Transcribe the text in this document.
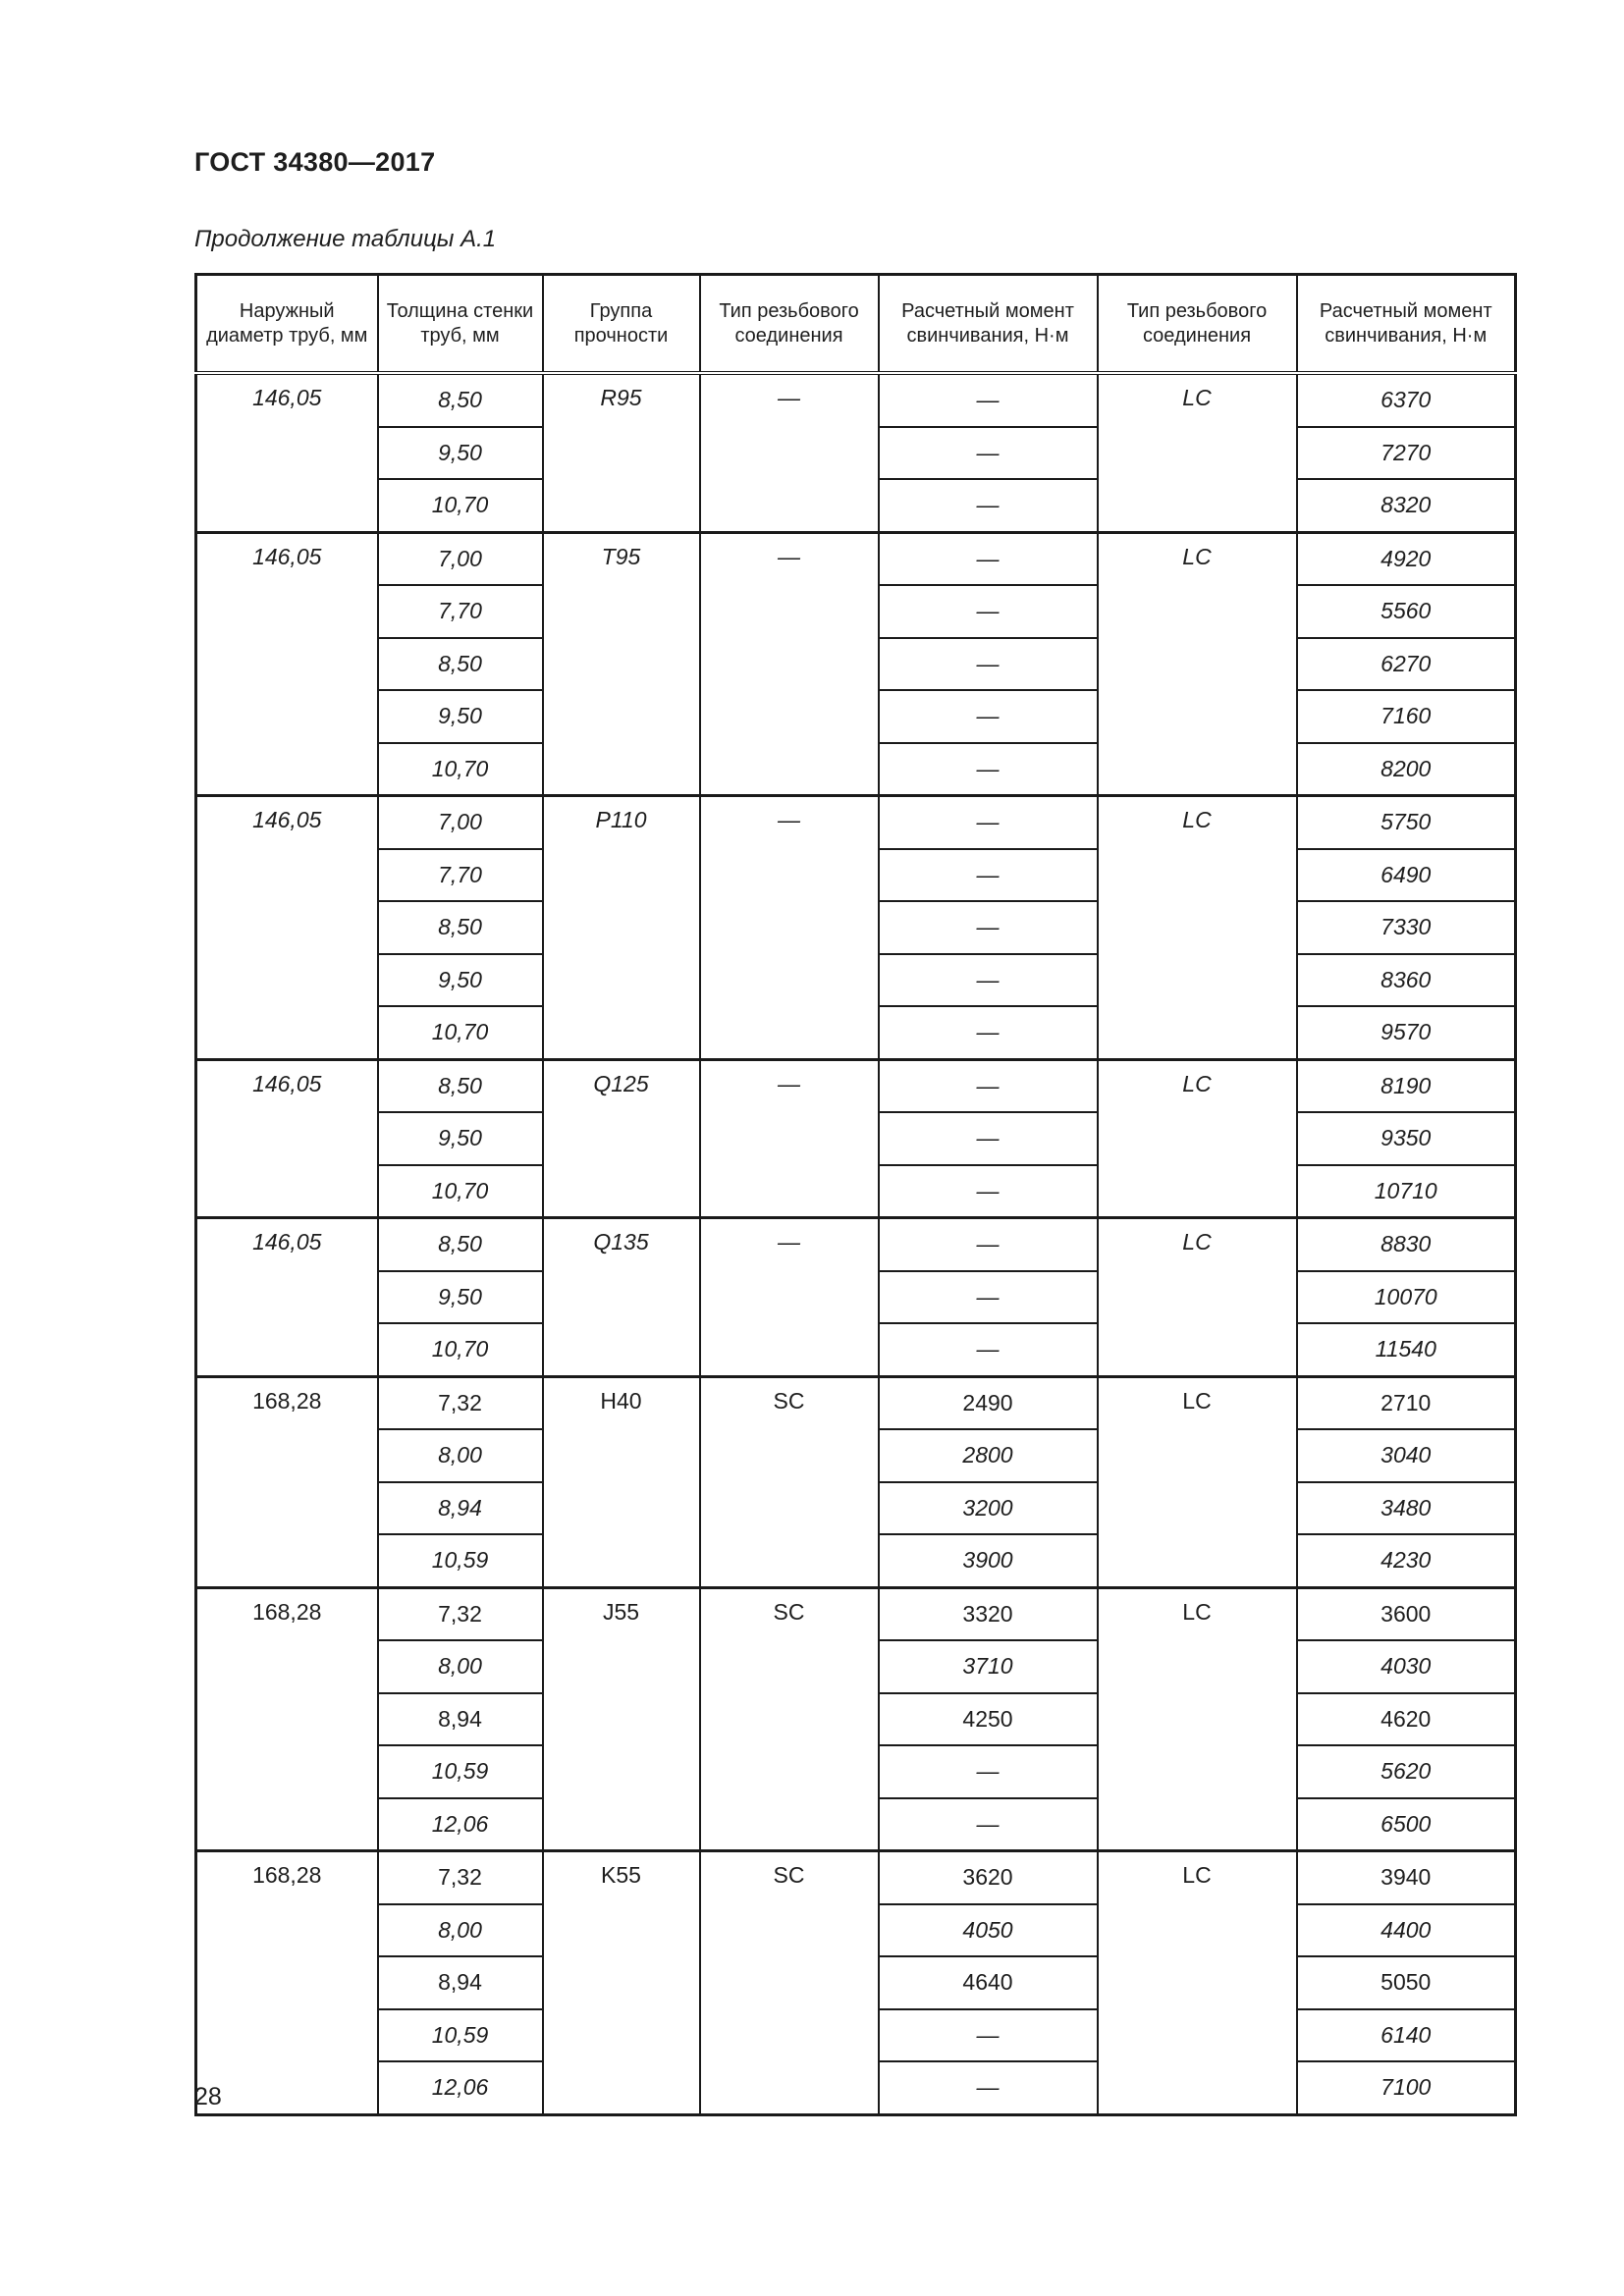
ГОСТ 34380—2017
Продолжение таблицы А.1
Наружный диаметр труб, мм	Толщина стенки труб, мм	Группа прочности	Тип резьбового соединения	Расчетный момент свинчивания, Н·м	Тип резьбового соединения	Расчетный момент свинчивания, Н·м
146,05	8,50	R95	—	—	LC	6370
	9,50			—		7270
	10,70			—		8320
146,05	7,00	T95	—	—	LC	4920
	7,70			—		5560
	8,50			—		6270
	9,50			—		7160
	10,70			—		8200
146,05	7,00	P110	—	—	LC	5750
	7,70			—		6490
	8,50			—		7330
	9,50			—		8360
	10,70			—		9570
146,05	8,50	Q125	—	—	LC	8190
	9,50			—		9350
	10,70			—		10710
146,05	8,50	Q135	—	—	LC	8830
	9,50			—		10070
	10,70			—		11540
168,28	7,32	H40	SC	2490	LC	2710
	8,00			2800		3040
	8,94			3200		3480
	10,59			3900		4230
168,28	7,32	J55	SC	3320	LC	3600
	8,00			3710		4030
	8,94			4250		4620
	10,59			—		5620
	12,06			—		6500
168,28	7,32	K55	SC	3620	LC	3940
	8,00			4050		4400
	8,94			4640		5050
	10,59			—		6140
	12,06			—		7100
28
